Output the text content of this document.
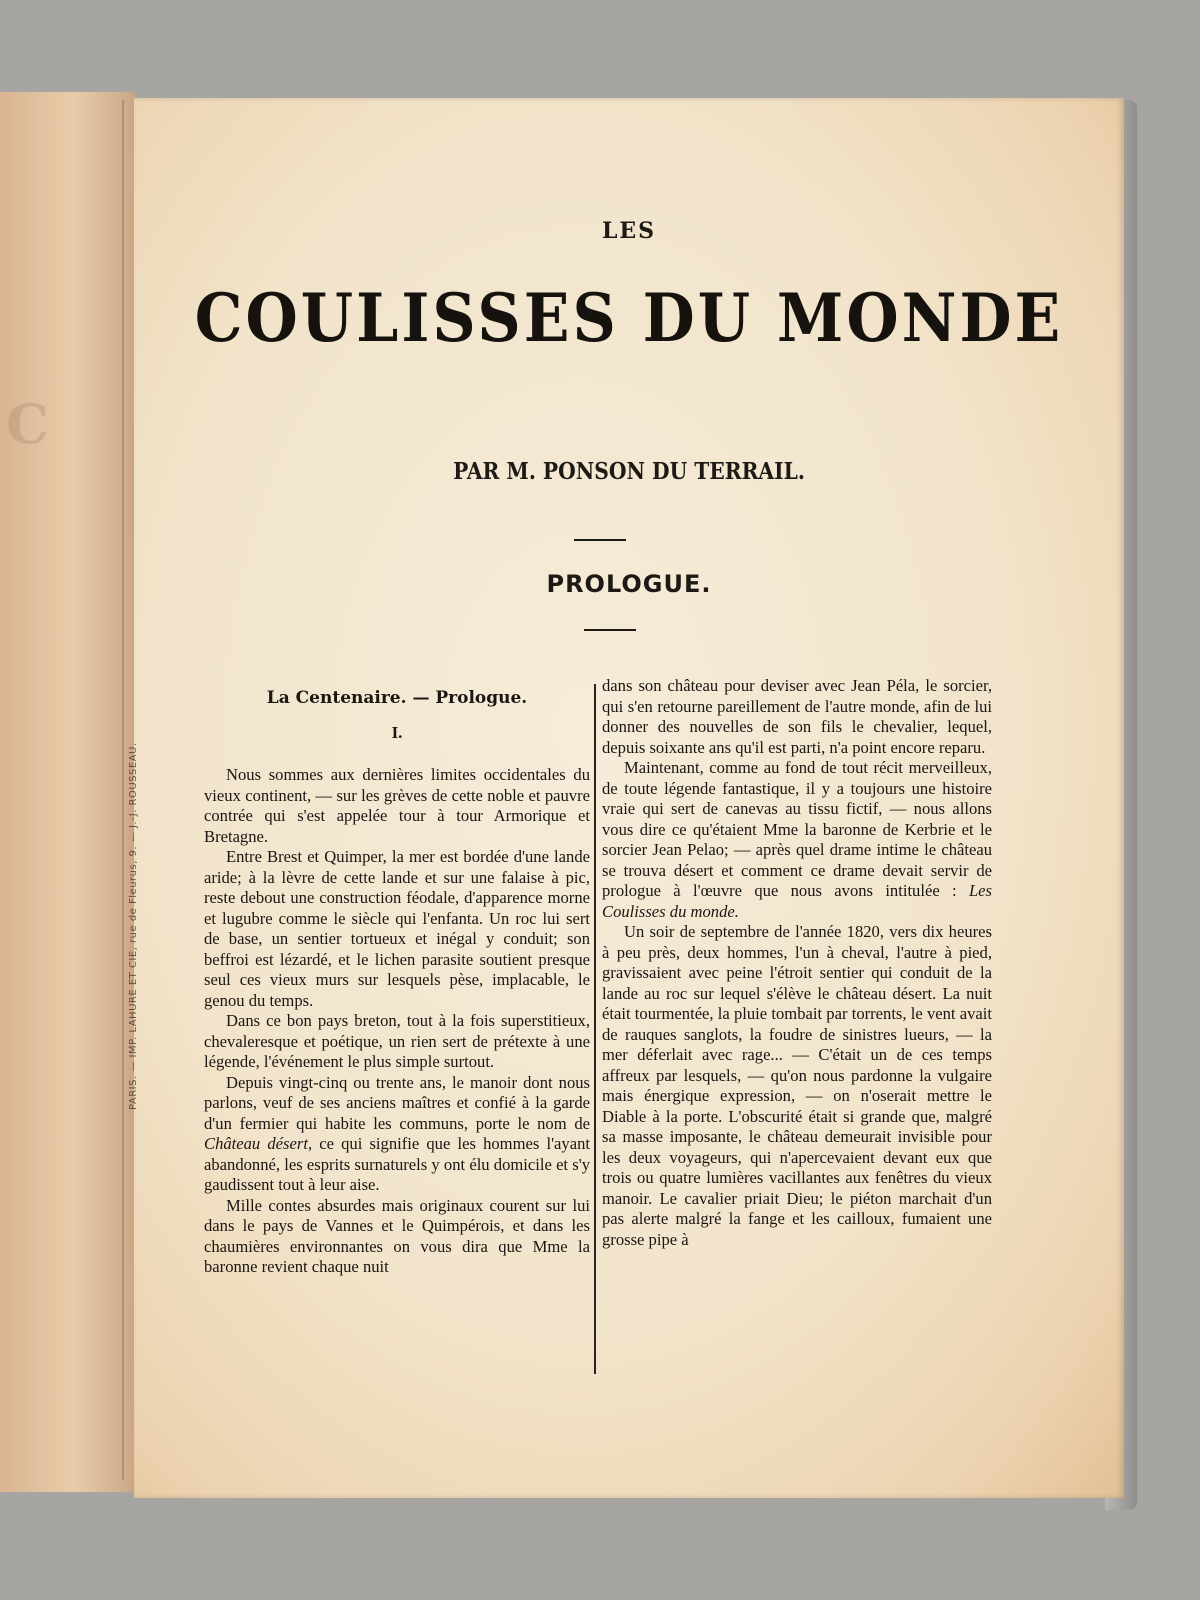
C
LES
COULISSES DU MONDE
PAR M. PONSON DU TERRAIL.
PROLOGUE.
La Centenaire. — Prologue.
I.

Nous sommes aux dernières limites occidentales du vieux continent, — sur les grèves de cette noble et pauvre contrée qui s'est appelée tour à tour Armorique et Bretagne.

Entre Brest et Quimper, la mer est bordée d'une lande aride; à la lèvre de cette lande et sur une falaise à pic, reste debout une construction féodale, d'apparence morne et lugubre comme le siècle qui l'enfanta. Un roc lui sert de base, un sentier tortueux et inégal y conduit; son beffroi est lézardé, et le lichen parasite soutient presque seul ces vieux murs sur lesquels pèse, implacable, le genou du temps.

Dans ce bon pays breton, tout à la fois superstitieux, chevaleresque et poétique, un rien sert de prétexte à une légende, l'événement le plus simple surtout.

Depuis vingt-cinq ou trente ans, le manoir dont nous parlons, veuf de ses anciens maîtres et confié à la garde d'un fermier qui habite les communs, porte le nom de Château désert, ce qui signifie que les hommes l'ayant abandonné, les esprits surnaturels y ont élu domicile et s'y gaudissent tout à leur aise.

Mille contes absurdes mais originaux courent sur lui dans le pays de Vannes et le Quimpérois, et dans les chaumières environnantes on vous dira que Mme la baronne revient chaque nuit

dans son château pour deviser avec Jean Péla, le sorcier, qui s'en retourne pareillement de l'autre monde, afin de lui donner des nouvelles de son fils le chevalier, lequel, depuis soixante ans qu'il est parti, n'a point encore reparu.

Maintenant, comme au fond de tout récit merveilleux, de toute légende fantastique, il y a toujours une histoire vraie qui sert de canevas au tissu fictif, — nous allons vous dire ce qu'étaient Mme la baronne de Kerbrie et le sorcier Jean Pelao; — après quel drame intime le château se trouva désert et comment ce drame devait servir de prologue à l'œuvre que nous avons intitulée : Les Coulisses du monde.

Un soir de septembre de l'année 1820, vers dix heures à peu près, deux hommes, l'un à cheval, l'autre à pied, gravissaient avec peine l'étroit sentier qui conduit de la lande au roc sur lequel s'élève le château désert. La nuit était tourmentée, la pluie tombait par torrents, le vent avait de rauques sanglots, la foudre de sinistres lueurs, — la mer déferlait avec rage... — C'était un de ces temps affreux par lesquels, — qu'on nous pardonne la vulgaire mais énergique expression, — on n'oserait mettre le Diable à la porte. L'obscurité était si grande que, malgré sa masse imposante, le château demeurait invisible pour les deux voyageurs, qui n'apercevaient devant eux que trois ou quatre lumières vacillantes aux fenêtres du vieux manoir. Le cavalier priait Dieu; le piéton marchait d'un pas alerte malgré la fange et les cailloux, fumaient une grosse pipe à

PARIS. — IMP. LAHURE ET CIE, rue de Fleurus, 9. — J.-J. ROUSSEAU.
